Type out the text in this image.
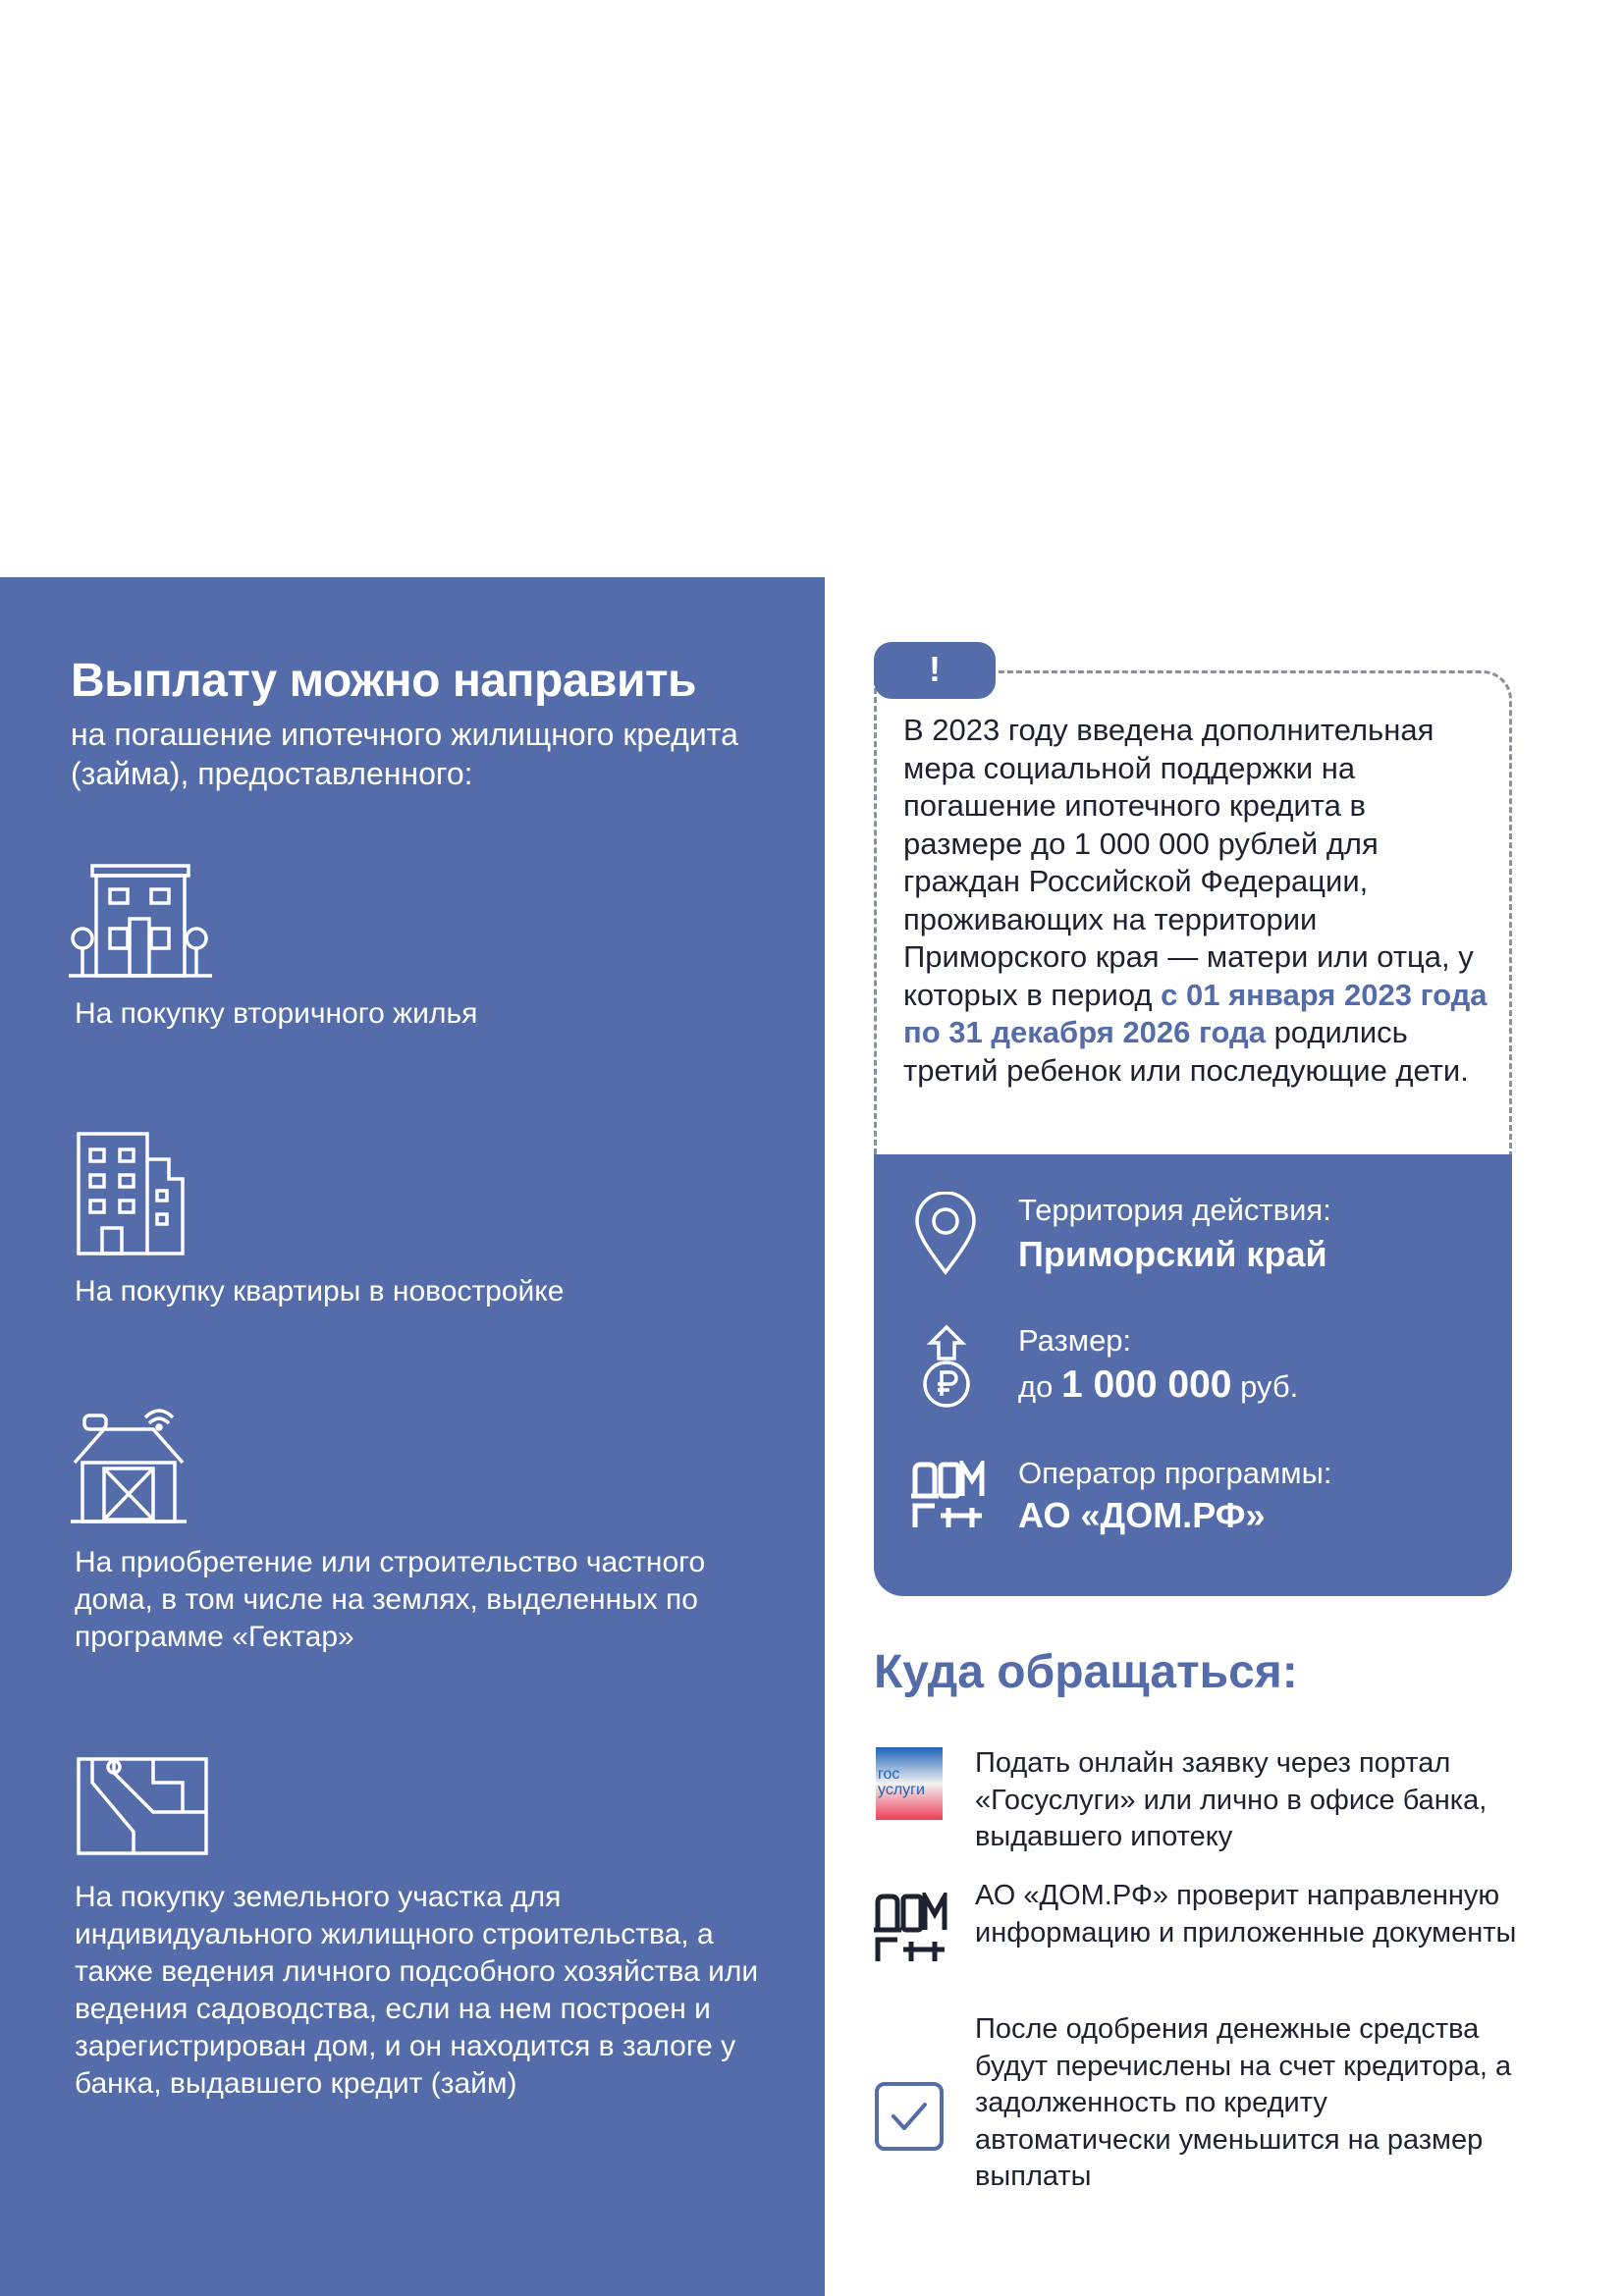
Выплату можно направить

на погашение ипотечного жилищного кредита (займа), предоставленного:

На покупку вторичного жилья

На покупку квартиры в новостройке

На приобретение или строительство частного дома, в том числе на землях, выделенных по программе «Гектар»

На покупку земельного участка для индивидуального жилищного строительства, а также ведения личного подсобного хозяйства или ведения садоводства, если на нем построен и зарегистрирован дом, и он находится в залоге у банка, выдавшего кредит (займ)

!

В 2023 году введена дополнительная мера социальной поддержки на погашение ипотечного кредита в размере до 1 000 000 рублей для граждан Российской Федерации, проживающих на территории Приморского края — матери или отца, у которых в период с 01 января 2023 года по 31 декабря 2026 года родились третий ребенок или последующие дети.

Территория действия:

Приморский край

Размер:

до 1 000 000 руб.

Оператор программы:

АО «ДОМ.РФ»

Куда обращаться:
гос услуги

Подать онлайн заявку через портал «Госуслуги» или лично в офисе банка, выдавшего ипотеку

АО «ДОМ.РФ» проверит направленную информацию и приложенные документы

После одобрения денежные средства будут перечислены на счет кредитора, а задолженность по кредиту автоматически уменьшится на размер выплаты
